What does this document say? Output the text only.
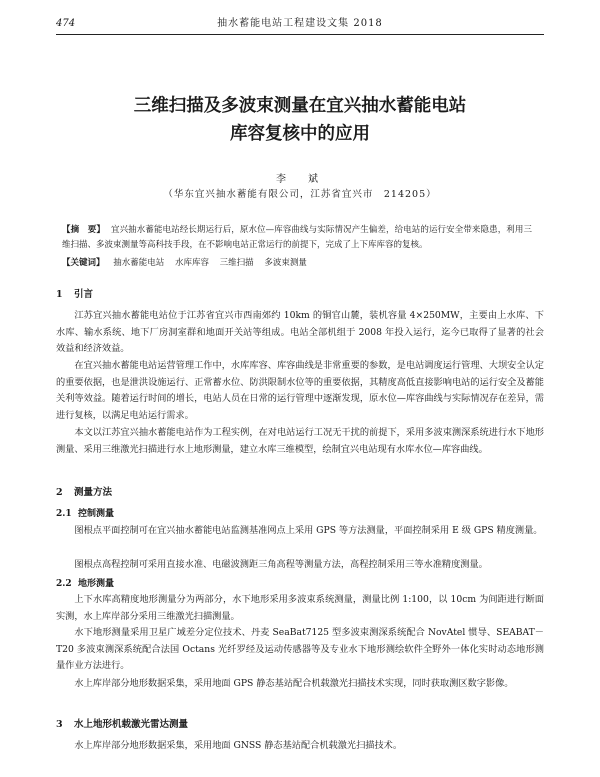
474	抽水蓄能电站工程建设文集 2018
三维扫描及多波束测量在宜兴抽水蓄能电站
库容复核中的应用
李　斌
（华东宜兴抽水蓄能有限公司，江苏省宜兴市　214205）
【摘　要】 宜兴抽水蓄能电站经长期运行后，原水位—库容曲线与实际情况产生偏差，给电站的运行安全带来隐患，利用三维扫描、多波束测量等高科技手段，在不影响电站正常运行的前提下，完成了上下库库容的复核。
【关键词】 抽水蓄能电站 水库库容 三维扫描 多波束测量
1 引言
江苏宜兴抽水蓄能电站位于江苏省宜兴市西南郊约 10km 的铜官山麓，装机容量 4×250MW，主要由上水库、下水库、输水系统、地下厂房洞室群和地面开关站等组成。电站全部机组于 2008 年投入运行，迄今已取得了显著的社会效益和经济效益。
在宜兴抽水蓄能电站运营管理工作中，水库库容、库容曲线是非常重要的参数，是电站调度运行管理、大坝安全认定的重要依据，也是泄洪设施运行、正常蓄水位、防洪限制水位等的重要依据，其精度高低直接影响电站的运行安全及蓄能关利等效益。随着运行时间的增长，电站人员在日常的运行管理中逐渐发现，原水位—库容曲线与实际情况存在差异，需进行复核，以满足电站运行需求。
本文以江苏宜兴抽水蓄能电站作为工程实例，在对电站运行工况无干扰的前提下，采用多波束测深系统进行水下地形测量、采用三维激光扫描进行水上地形测量，建立水库三维模型，绘制宜兴电站现有水库水位—库容曲线。
2 测量方法
2.1 控制测量
图根点平面控制可在宜兴抽水蓄能电站监测基准网点上采用 GPS 等方法测量，平面控制采用 E 级 GPS 精度测量。
图根点高程控制可采用直接水准、电磁波测距三角高程等测量方法，高程控制采用三等水准精度测量。
2.2 地形测量
上下水库高精度地形测量分为两部分，水下地形采用多波束系统测量，测量比例 1:100，以 10cm 为间距进行断面实测，水上库岸部分采用三维激光扫描测量。
水下地形测量采用卫星广域差分定位技术、丹麦 SeaBat7125 型多波束测深系统配合 NovAtel 惯导、SEABAT－T20 多波束测深系统配合法国 Octans 光纤罗经及运动传感器等及专业水下地形测绘软件全野外一体化实时动态地形测量作业方法进行。
水上库岸部分地形数据采集，采用地面 GPS 静态基站配合机载激光扫描技术实现，同时获取测区数字影像。
3 水上地形机载激光雷达测量
水上库岸部分地形数据采集，采用地面 GNSS 静态基站配合机载激光扫描技术。
